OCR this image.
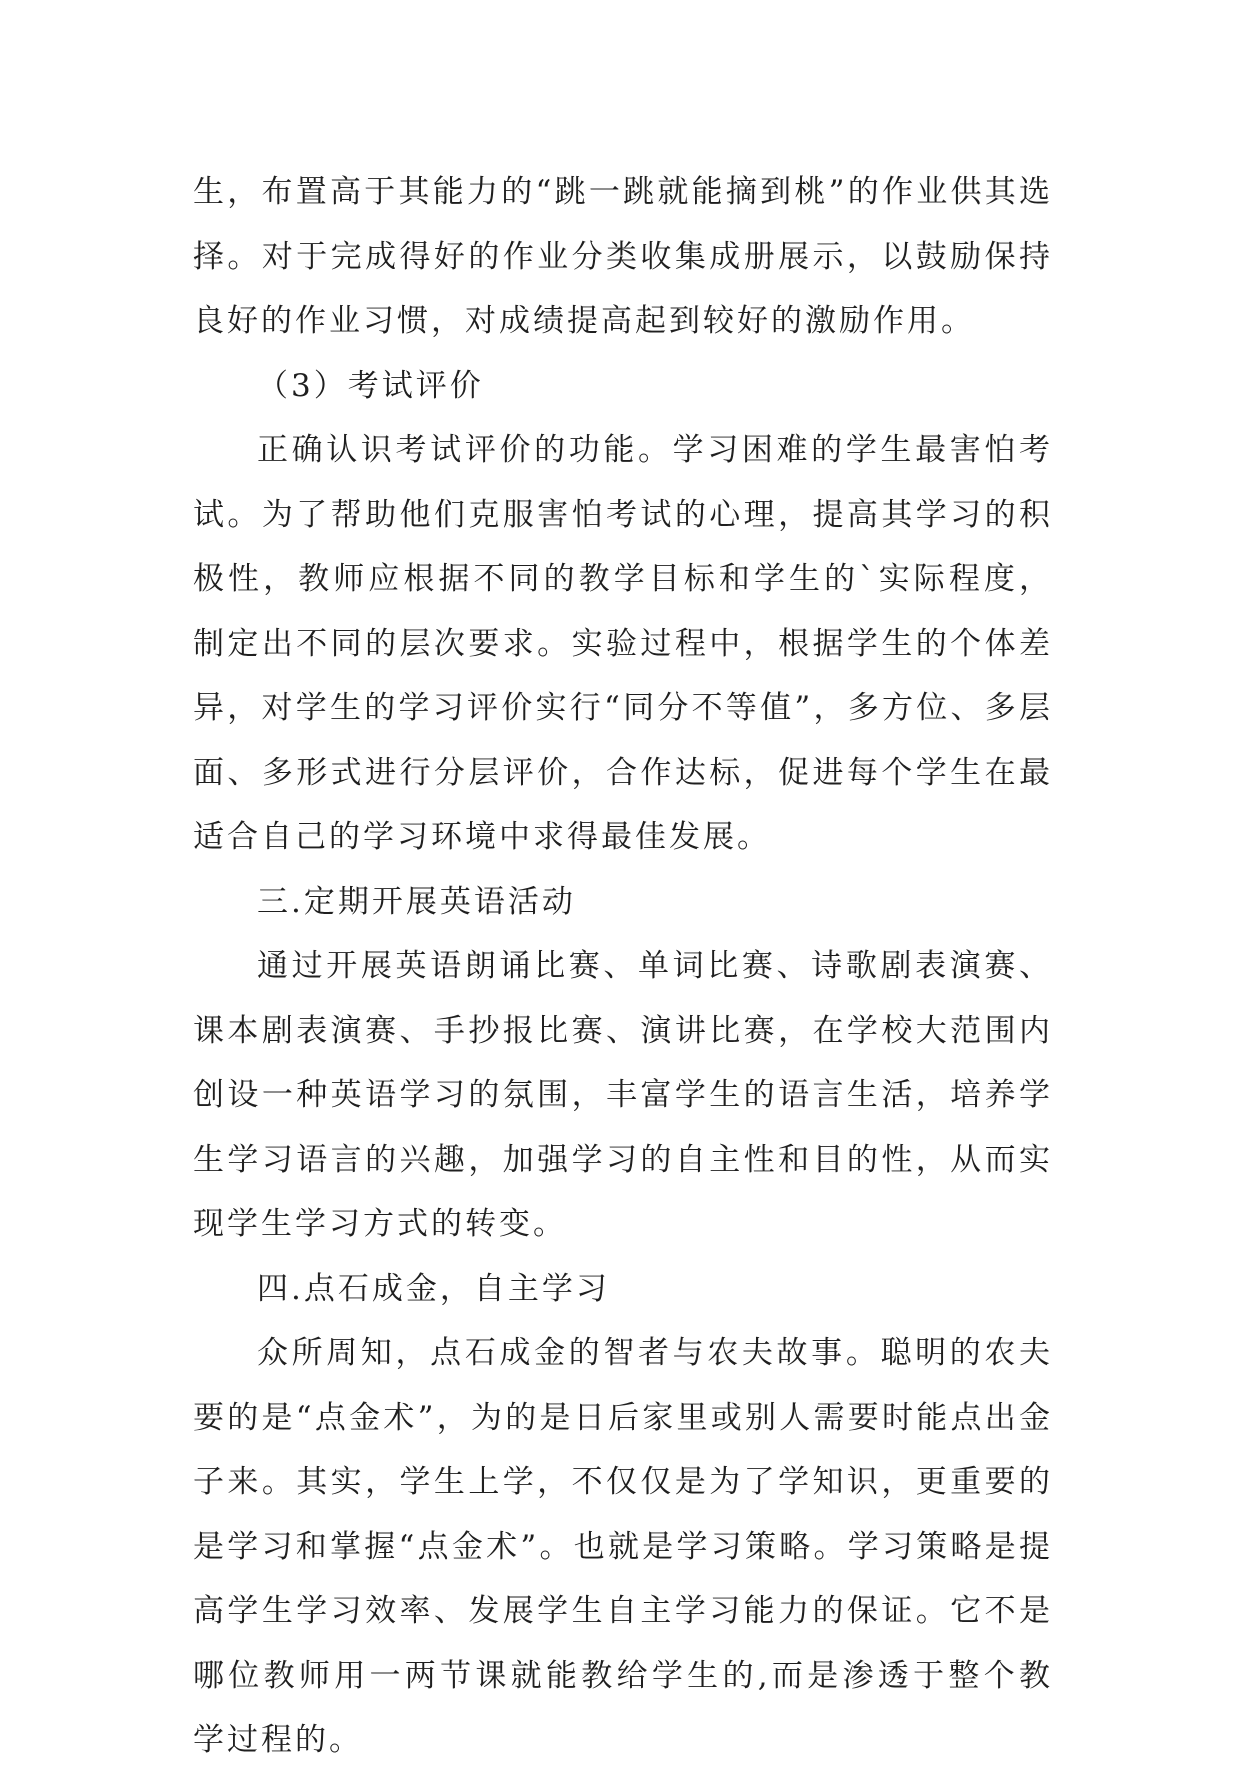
生，布置高于其能力的“跳一跳就能摘到桃”的作业供其选择。对于完成得好的作业分类收集成册展示，以鼓励保持良好的作业习惯，对成绩提高起到较好的激励作用。

（3）考试评价

正确认识考试评价的功能。学习困难的学生最害怕考试。为了帮助他们克服害怕考试的心理，提高其学习的积极性，教师应根据不同的教学目标和学生的`实际程度，制定出不同的层次要求。实验过程中，根据学生的个体差异，对学生的学习评价实行“同分不等值”，多方位、多层面、多形式进行分层评价，合作达标，促进每个学生在最适合自己的学习环境中求得最佳发展。

三.定期开展英语活动

通过开展英语朗诵比赛、单词比赛、诗歌剧表演赛、课本剧表演赛、手抄报比赛、演讲比赛，在学校大范围内创设一种英语学习的氛围，丰富学生的语言生活，培养学生学习语言的兴趣，加强学习的自主性和目的性，从而实现学生学习方式的转变。

四.点石成金，自主学习

众所周知，点石成金的智者与农夫故事。聪明的农夫要的是“点金术”，为的是日后家里或别人需要时能点出金子来。其实，学生上学，不仅仅是为了学知识，更重要的是学习和掌握“点金术”。也就是学习策略。学习策略是提高学生学习效率、发展学生自主学习能力的保证。它不是哪位教师用一两节课就能教给学生的,而是渗透于整个教学过程的。
